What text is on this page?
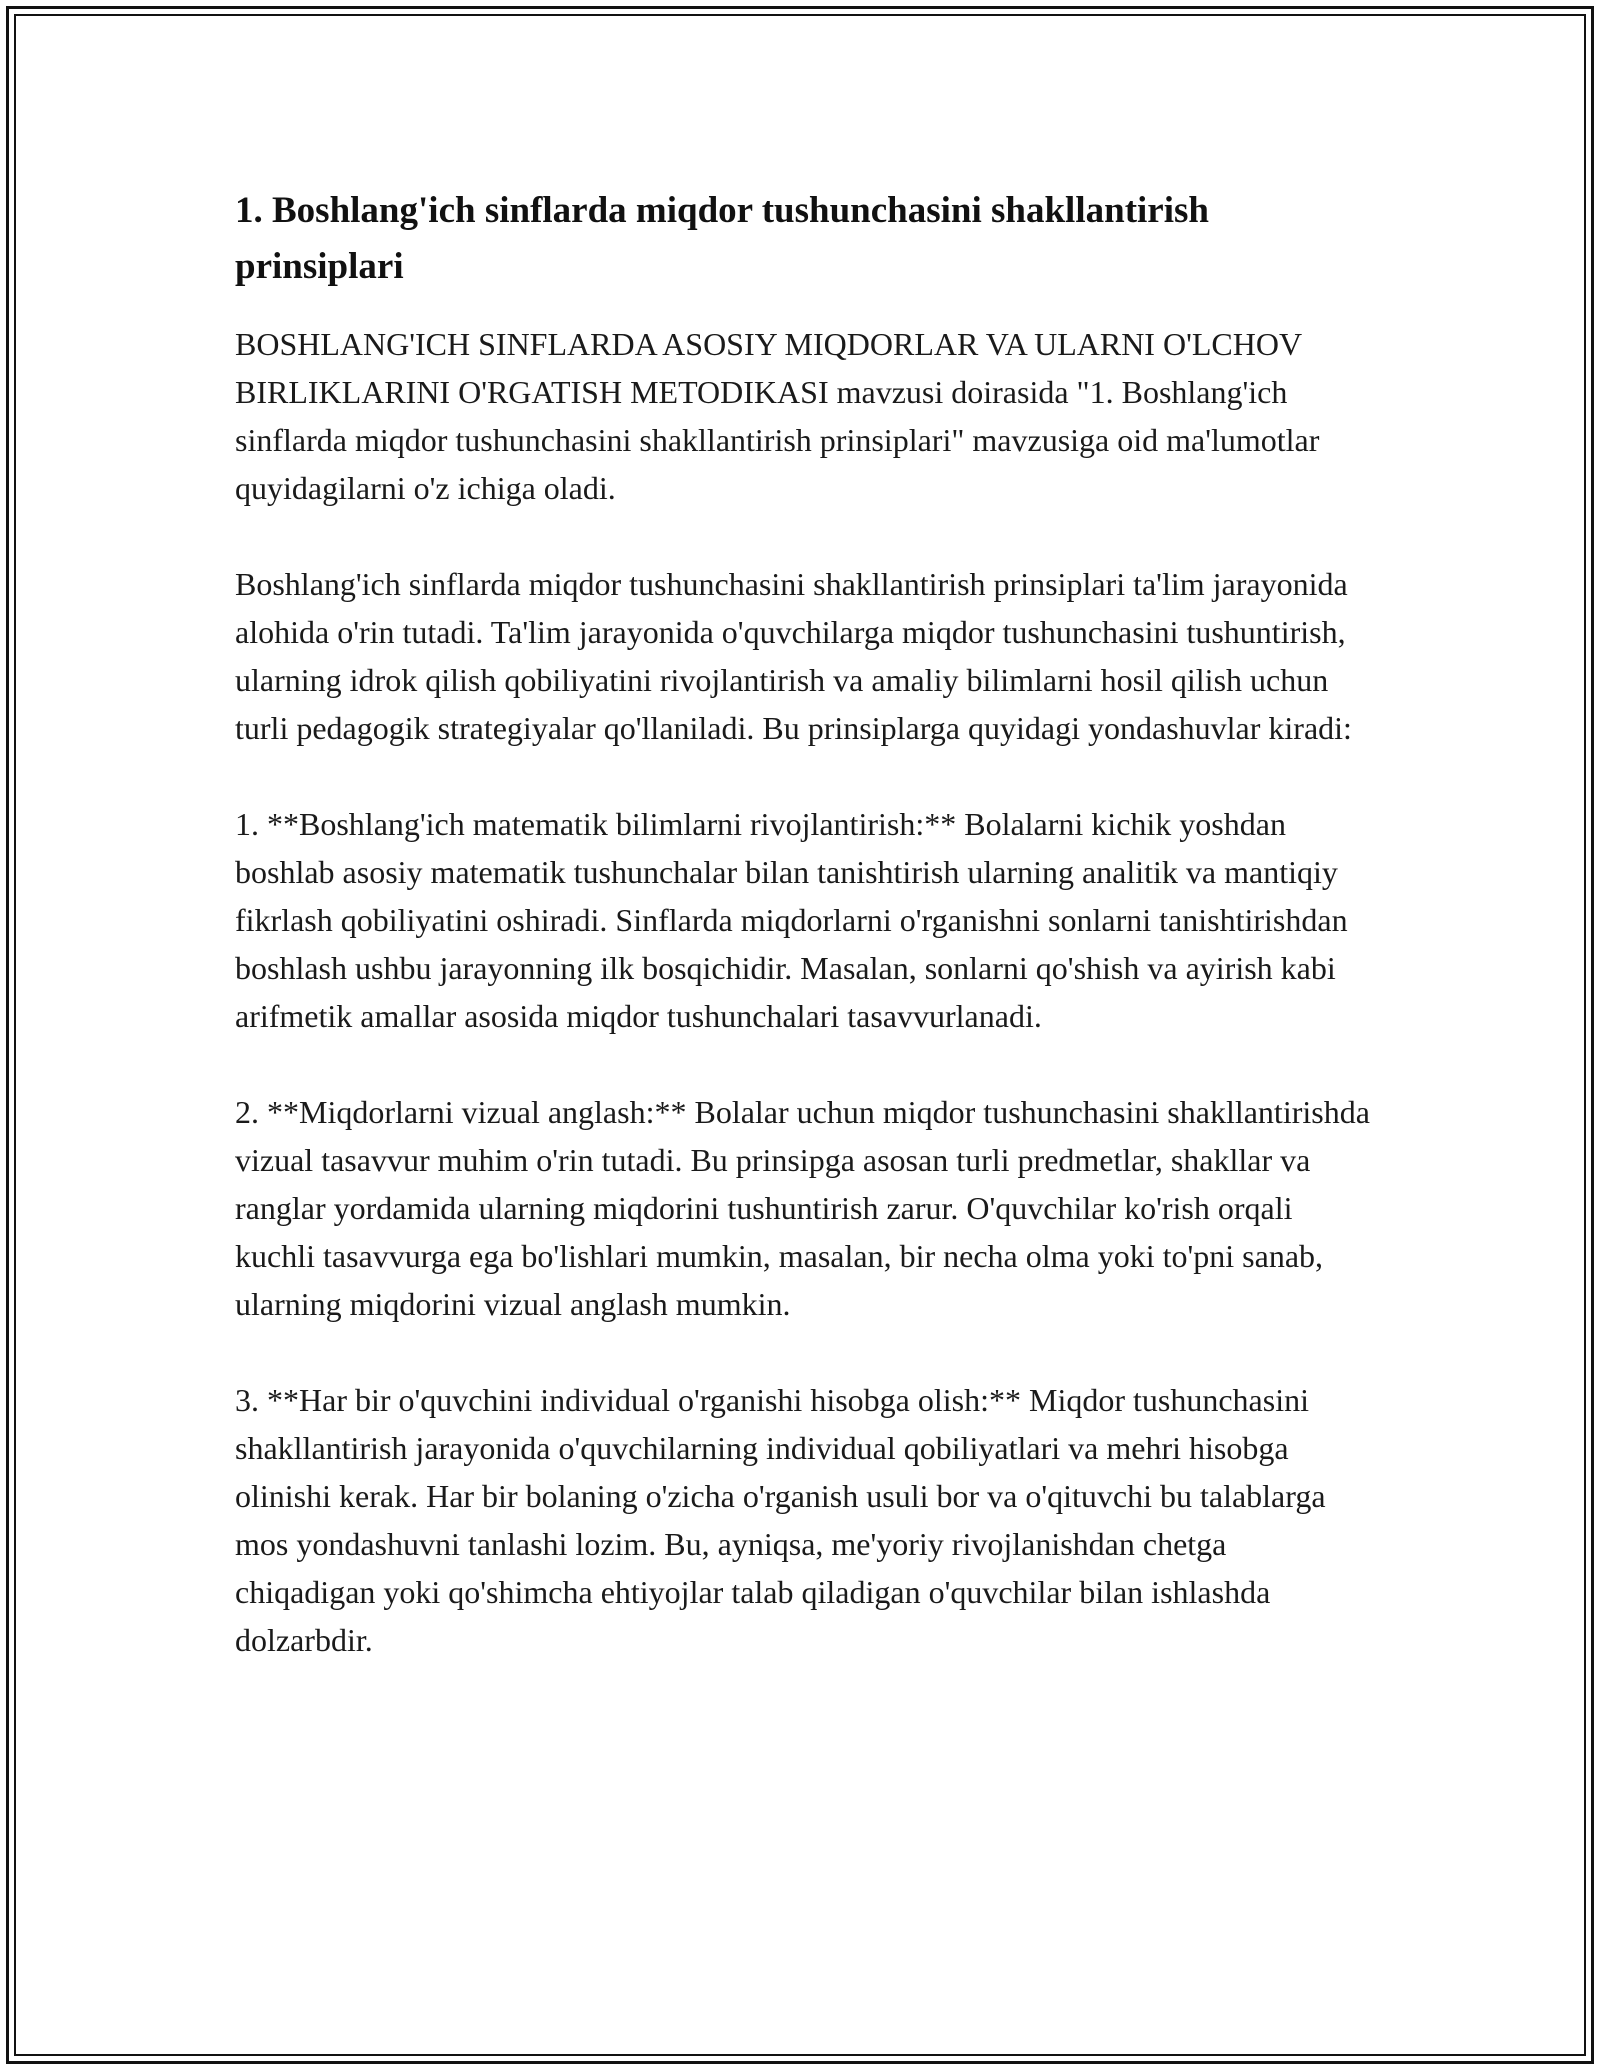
1. Boshlang'ich sinflarda miqdor tushunchasini shakllantirish prinsiplari

BOSHLANG'ICH SINFLARDA ASOSIY MIQDORLAR VA ULARNI O'LCHOV BIRLIKLARINI O'RGATISH METODIKASI mavzusi doirasida "1. Boshlang'ich sinflarda miqdor tushunchasini shakllantirish prinsiplari" mavzusiga oid ma'lumotlar quyidagilarni o'z ichiga oladi.

Boshlang'ich sinflarda miqdor tushunchasini shakllantirish prinsiplari ta'lim jarayonida alohida o'rin tutadi. Ta'lim jarayonida o'quvchilarga miqdor tushunchasini tushuntirish, ularning idrok qilish qobiliyatini rivojlantirish va amaliy bilimlarni hosil qilish uchun turli pedagogik strategiyalar qo'llaniladi. Bu prinsiplarga quyidagi yondashuvlar kiradi:

1. **Boshlang'ich matematik bilimlarni rivojlantirish:** Bolalarni kichik yoshdan boshlab asosiy matematik tushunchalar bilan tanishtirish ularning analitik va mantiqiy fikrlash qobiliyatini oshiradi. Sinflarda miqdorlarni o'rganishni sonlarni tanishtirishdan boshlash ushbu jarayonning ilk bosqichidir. Masalan, sonlarni qo'shish va ayirish kabi arifmetik amallar asosida miqdor tushunchalari tasavvurlanadi.

2. **Miqdorlarni vizual anglash:** Bolalar uchun miqdor tushunchasini shakllantirishda vizual tasavvur muhim o'rin tutadi. Bu prinsipga asosan turli predmetlar, shakllar va ranglar yordamida ularning miqdorini tushuntirish zarur. O'quvchilar ko'rish orqali kuchli tasavvurga ega bo'lishlari mumkin, masalan, bir necha olma yoki to'pni sanab, ularning miqdorini vizual anglash mumkin.

3. **Har bir o'quvchini individual o'rganishi hisobga olish:** Miqdor tushunchasini shakllantirish jarayonida o'quvchilarning individual qobiliyatlari va mehri hisobga olinishi kerak. Har bir bolaning o'zicha o'rganish usuli bor va o'qituvchi bu talablarga mos yondashuvni tanlashi lozim. Bu, ayniqsa, me'yoriy rivojlanishdan chetga chiqadigan yoki qo'shimcha ehtiyojlar talab qiladigan o'quvchilar bilan ishlashda dolzarbdir.
